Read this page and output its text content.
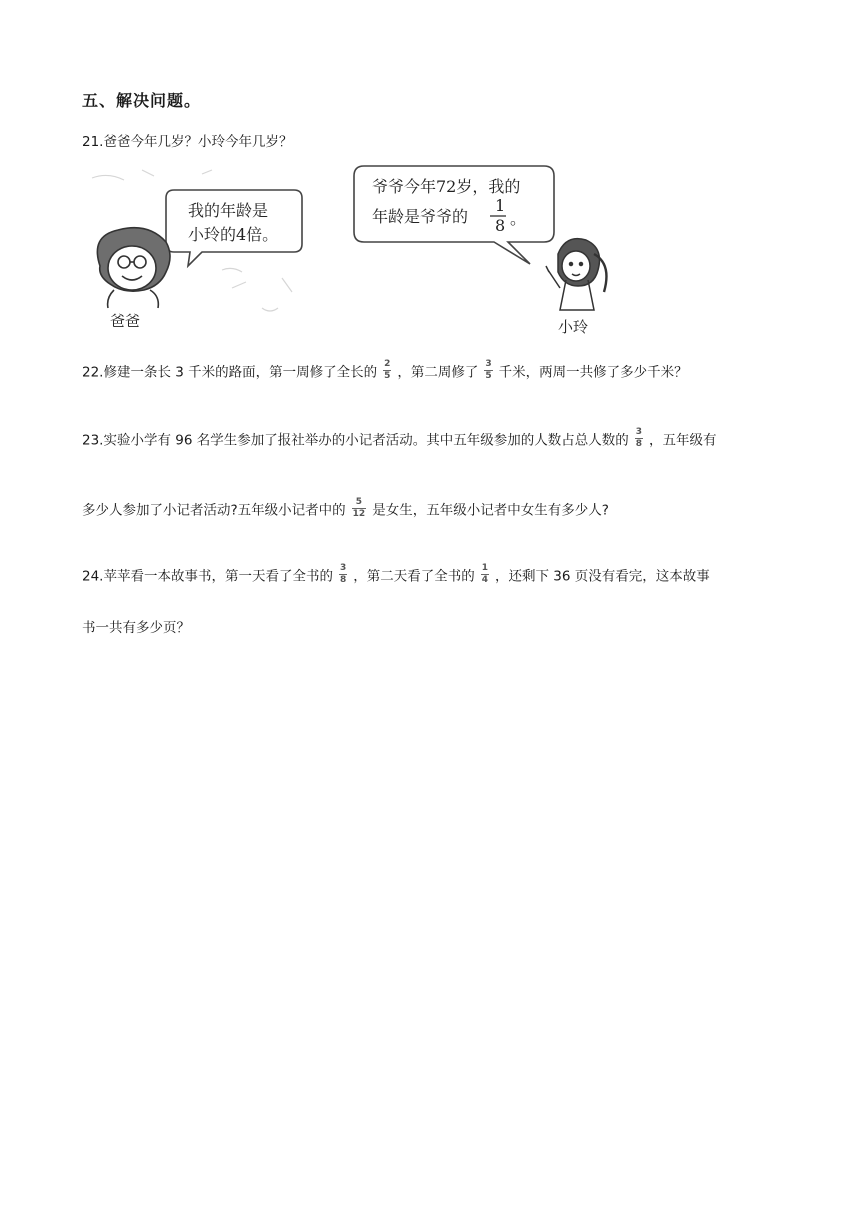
五、解决问题。
21.爸爸今年几岁？小玲今年几岁？
我的年龄是
小玲的4倍。
爸爸
爷爷今年72岁，我的
年龄是爷爷的
1
8 。
小玲
22.修建一条长 3 千米的路面，第一周修了全长的 $\frac{2}{5}$ ，第二周修了 $\frac{3}{5}$ 千米，两周一共修了多少千米？
23.实验小学有 96 名学生参加了报社举办的小记者活动。其中五年级参加的人数占总人数的 $\frac{3}{8}$ ，五年级有
多少人参加了小记者活动?五年级小记者中的 $\frac{5}{12}$ 是女生，五年级小记者中女生有多少人?
24.苹苹看一本故事书，第一天看了全书的 $\frac{3}{8}$ ，第二天看了全书的 $\frac{1}{4}$ ，还剩下 36 页没有看完，这本故事
书一共有多少页？
